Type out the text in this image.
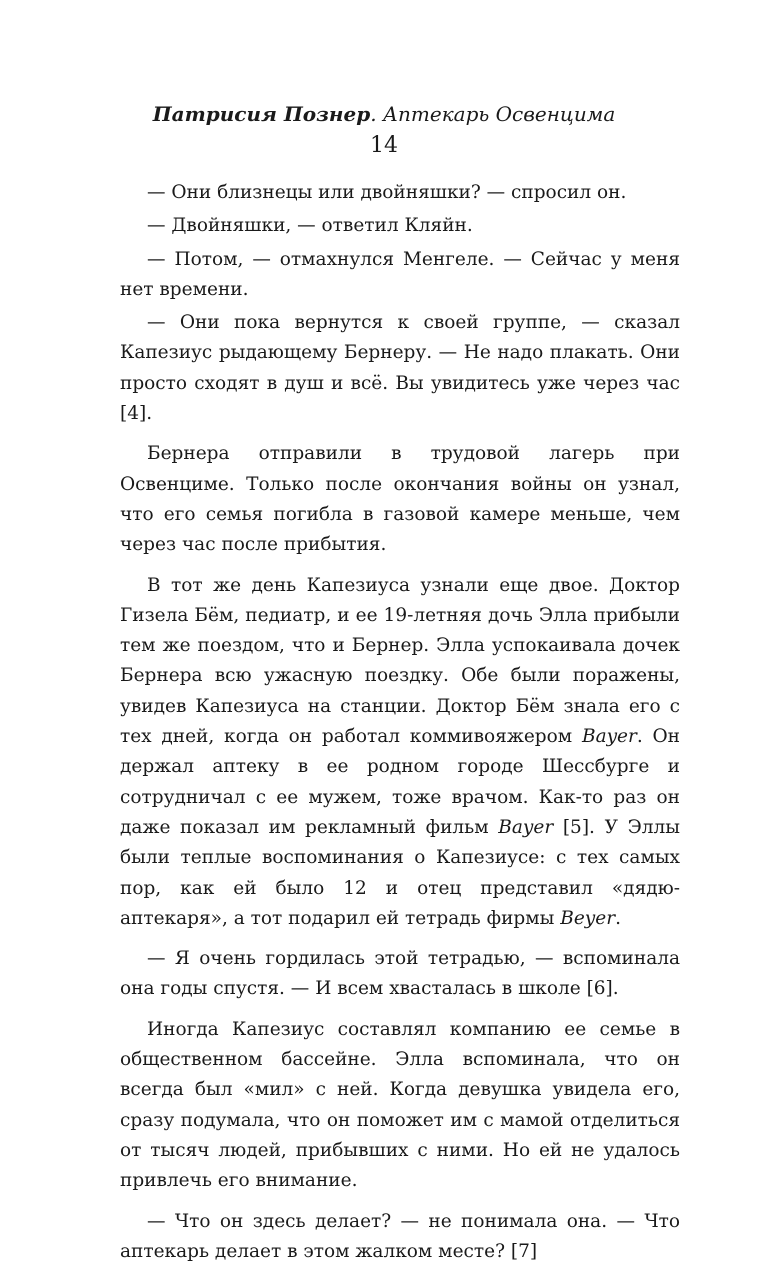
Патрисия Познер. Аптекарь Освенцима
14

— Они близнецы или двойняшки? — спросил он.

— Двойняшки, — ответил Кляйн.

— Потом, — отмахнулся Менгеле. — Сейчас у меня нет времени.

— Они пока вернутся к своей группе, — сказал Капезиус рыдающему Бернеру. — Не надо плакать. Они просто сходят в душ и всё. Вы увидитесь уже через час [4].

Бернера отправили в трудовой лагерь при Освенциме. Только после окончания войны он узнал, что его семья погибла в газовой камере меньше, чем через час после прибытия.

В тот же день Капезиуса узнали еще двое. Доктор Гизела Бём, педиатр, и ее 19-летняя дочь Элла прибыли тем же поездом, что и Бернер. Элла успокаивала дочек Бернера всю ужасную поездку. Обе были поражены, увидев Капезиуса на станции. Доктор Бём знала его с тех дней, когда он работал коммивояжером Bayer. Он держал аптеку в ее родном городе Шессбурге и сотрудничал с ее мужем, тоже врачом. Как-то раз он даже показал им рекламный фильм Bayer [5]. У Эллы были теплые воспоминания о Капезиусе: с тех самых пор, как ей было 12 и отец представил «дядю-аптекаря», а тот подарил ей тетрадь фирмы Beyer.

— Я очень гордилась этой тетрадью, — вспоминала она годы спустя. — И всем хвасталась в школе [6].

Иногда Капезиус составлял компанию ее семье в общественном бассейне. Элла вспоминала, что он всегда был «мил» с ней. Когда девушка увидела его, сразу подумала, что он поможет им с мамой отделиться от тысяч людей, прибывших с ними. Но ей не удалось привлечь его внимание.

— Что он здесь делает? — не понимала она. — Что аптекарь делает в этом жалком месте? [7]
